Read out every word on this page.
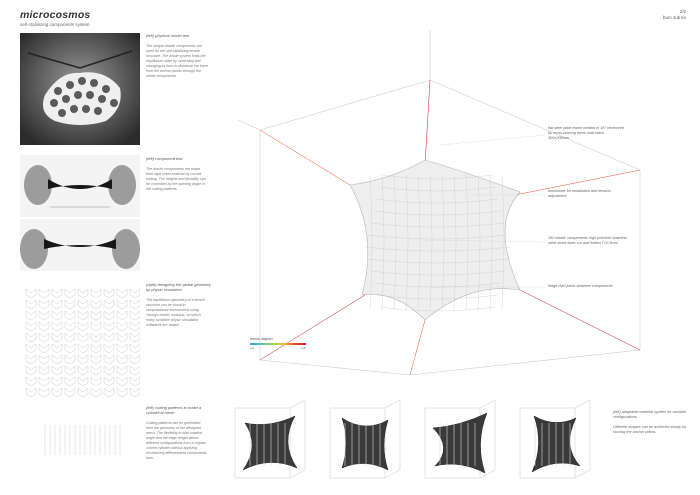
microcosmos
self-stabilizing components system
2/2
bum suk ko
(left) physical model test
The unique elastic components are used for the self-stabilizing tensile structure. The whole system finds the equilibrium state by stretching and changing its form to distribute the force from the anchor points through the whole components.
(left) component test
The elastic components are made from rigid sheet material by curved folding. The heights and flexibility can be controlled by the opening angle in the cutting patterns.
(right) designing the global geometry by physic simulation
The equilibrium geometry of a tensile structure can be found in computational environment using Young's elastic modulus, on which many available physic simulation softwares are based.
(left) cutting patterns to make a cylindrical mesh
Cutting patterns can be generated from the geometry of the designed mesh. The flexibility in both rotation angle and the edge length allows different configurations from a regular curved cylinder without applying excessively differentiated components form.
flat steel plate frame welded in 45° reinforced by cross-bracing wires matt black 300x300mm
turnbuckle for installation and tension adjustment
192 elastic components high polished stainless steel sheet laser cut and folded T=0.3mm
hinge rivet joints between components
tension diagram
low	high
(left) adaptable material system for variable configurations
Different shapes can be achieved simply by moving the anchor points.
